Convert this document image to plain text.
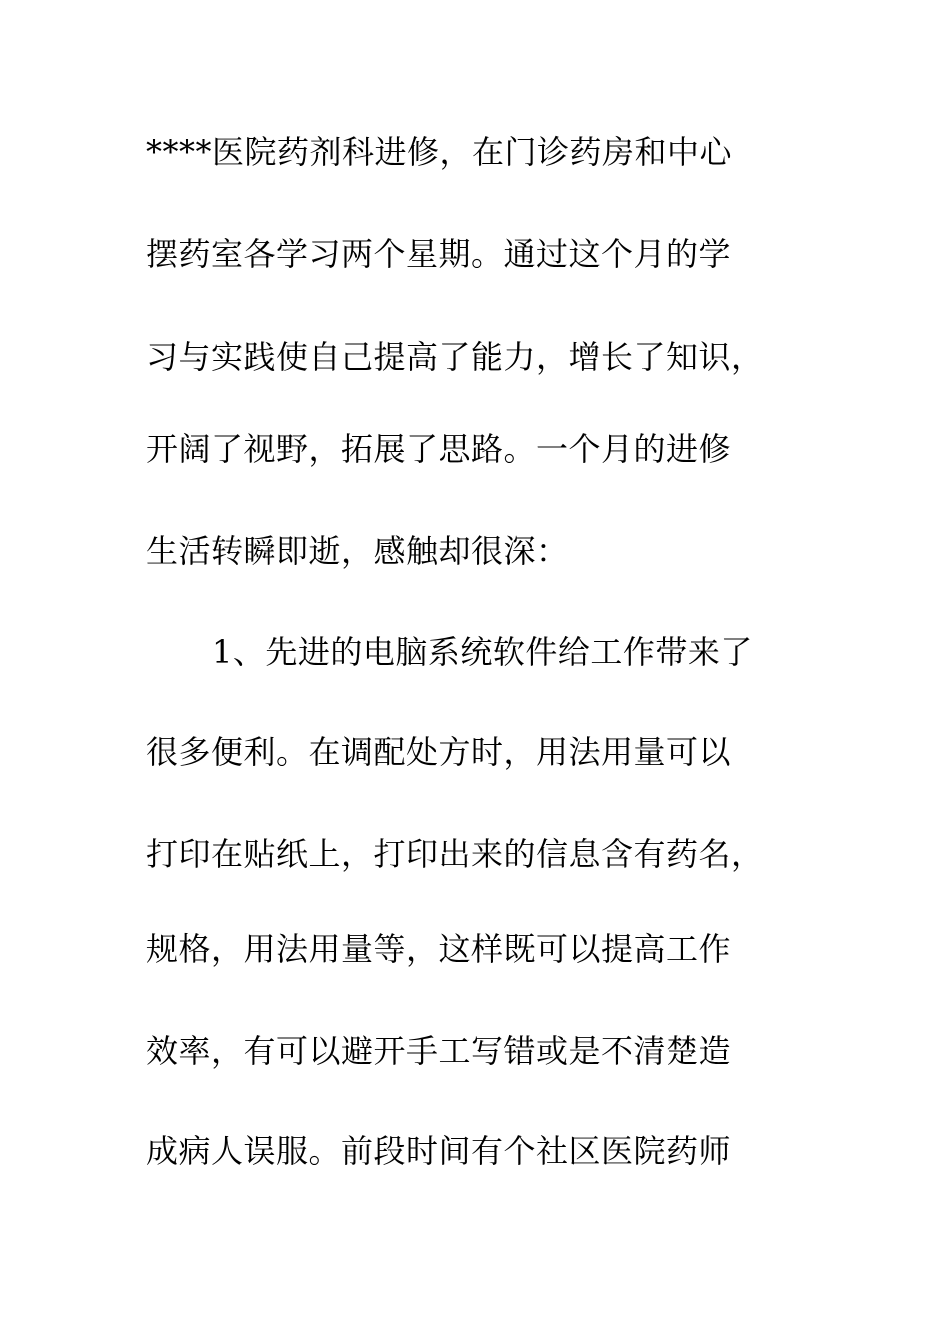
****医院药剂科进修，在门诊药房和中心
摆药室各学习两个星期。通过这个月的学
习与实践使自己提高了能力，增长了知识，
开阔了视野，拓展了思路。一个月的进修
生活转瞬即逝，感触却很深：
1、先进的电脑系统软件给工作带来了
很多便利。在调配处方时，用法用量可以
打印在贴纸上，打印出来的信息含有药名，
规格，用法用量等，这样既可以提高工作
效率，有可以避开手工写错或是不清楚造
成病人误服。前段时间有个社区医院药师
